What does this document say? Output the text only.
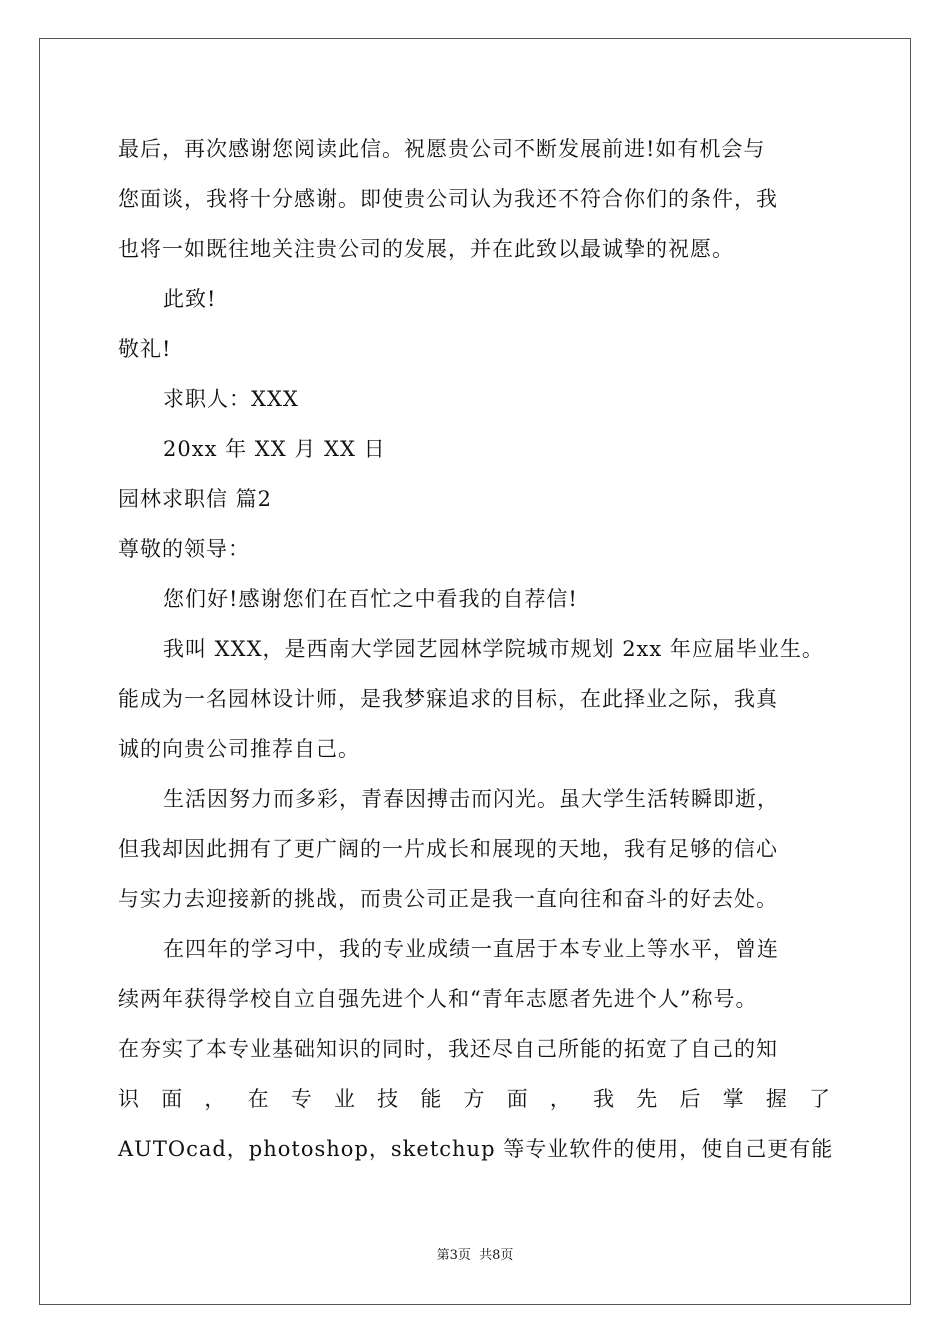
最后，再次感谢您阅读此信。祝愿贵公司不断发展前进!如有机会与
您面谈，我将十分感谢。即使贵公司认为我还不符合你们的条件，我
也将一如既往地关注贵公司的发展，并在此致以最诚挚的祝愿。
此致!
敬礼!
求职人：XXX
20xx 年 XX 月 XX 日
园林求职信 篇2
尊敬的领导：
您们好!感谢您们在百忙之中看我的自荐信!
我叫 XXX，是西南大学园艺园林学院城市规划 2xx 年应届毕业生。
能成为一名园林设计师，是我梦寐追求的目标，在此择业之际，我真
诚的向贵公司推荐自己。
生活因努力而多彩，青春因搏击而闪光。虽大学生活转瞬即逝，
但我却因此拥有了更广阔的一片成长和展现的天地，我有足够的信心
与实力去迎接新的挑战，而贵公司正是我一直向往和奋斗的好去处。
在四年的学习中，我的专业成绩一直居于本专业上等水平，曾连
续两年获得学校自立自强先进个人和“青年志愿者先进个人”称号。
在夯实了本专业基础知识的同时，我还尽自己所能的拓宽了自己的知
识 面 ， 在 专 业 技 能 方 面 ， 我 先 后 掌 握 了
AUTOcad，photoshop，sketchup 等专业软件的使用，使自己更有能
第3页 共8页
